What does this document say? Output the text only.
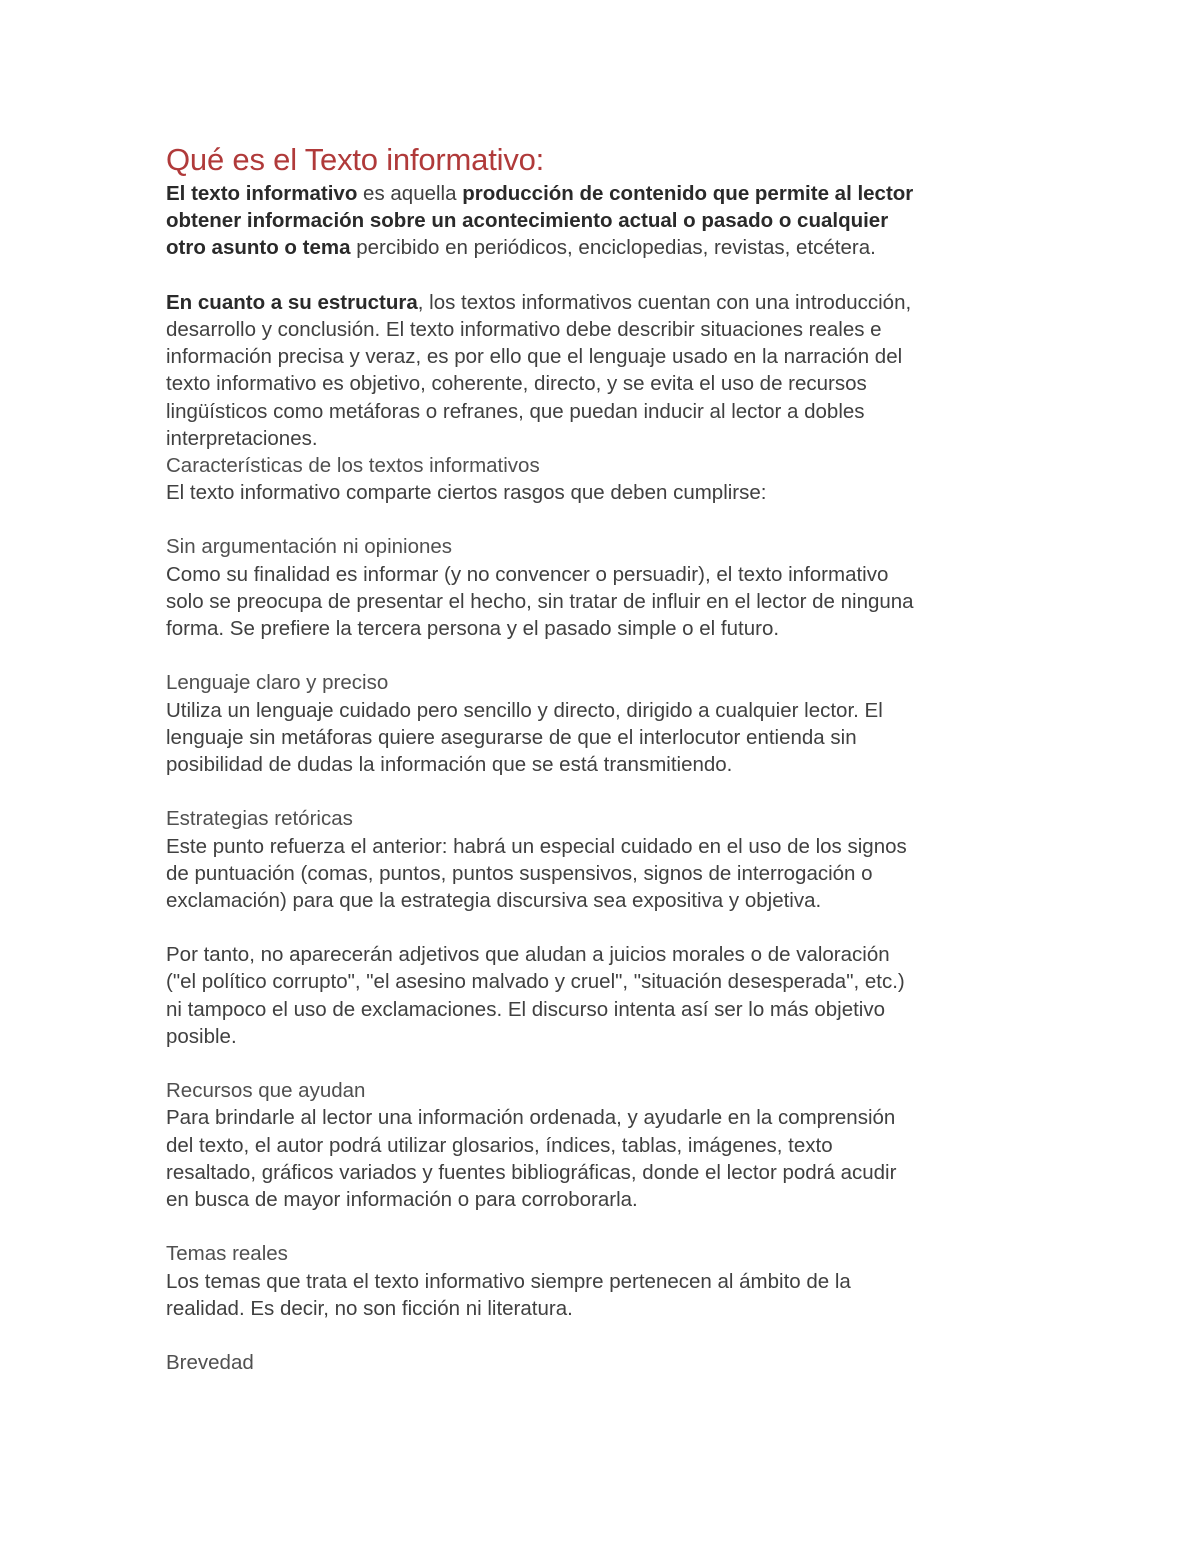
Qué es el Texto informativo:

El texto informativo es aquella producción de contenido que permite al lector

obtener información sobre un acontecimiento actual o pasado o cualquier

otro asunto o tema percibido en periódicos, enciclopedias, revistas, etcétera.

En cuanto a su estructura, los textos informativos cuentan con una introducción,

desarrollo y conclusión. El texto informativo debe describir situaciones reales e

información precisa y veraz, es por ello que el lenguaje usado en la narración del

texto informativo es objetivo, coherente, directo, y se evita el uso de recursos

lingüísticos como metáforas o refranes, que puedan inducir al lector a dobles

interpretaciones.

Características de los textos informativos

El texto informativo comparte ciertos rasgos que deben cumplirse:

Sin argumentación ni opiniones

Como su finalidad es informar (y no convencer o persuadir), el texto informativo

solo se preocupa de presentar el hecho, sin tratar de influir en el lector de ninguna

forma. Se prefiere la tercera persona y el pasado simple o el futuro.

Lenguaje claro y preciso

Utiliza un lenguaje cuidado pero sencillo y directo, dirigido a cualquier lector. El

lenguaje sin metáforas quiere asegurarse de que el interlocutor entienda sin

posibilidad de dudas la información que se está transmitiendo.

Estrategias retóricas

Este punto refuerza el anterior: habrá un especial cuidado en el uso de los signos

de puntuación (comas, puntos, puntos suspensivos, signos de interrogación o

exclamación) para que la estrategia discursiva sea expositiva y objetiva.

Por tanto, no aparecerán adjetivos que aludan a juicios morales o de valoración

("el político corrupto", "el asesino malvado y cruel", "situación desesperada", etc.)

ni tampoco el uso de exclamaciones. El discurso intenta así ser lo más objetivo

posible.

Recursos que ayudan

Para brindarle al lector una información ordenada, y ayudarle en la comprensión

del texto, el autor podrá utilizar glosarios, índices, tablas, imágenes, texto

resaltado, gráficos variados y fuentes bibliográficas, donde el lector podrá acudir

en busca de mayor información o para corroborarla.

Temas reales

Los temas que trata el texto informativo siempre pertenecen al ámbito de la

realidad. Es decir, no son ficción ni literatura.

Brevedad
